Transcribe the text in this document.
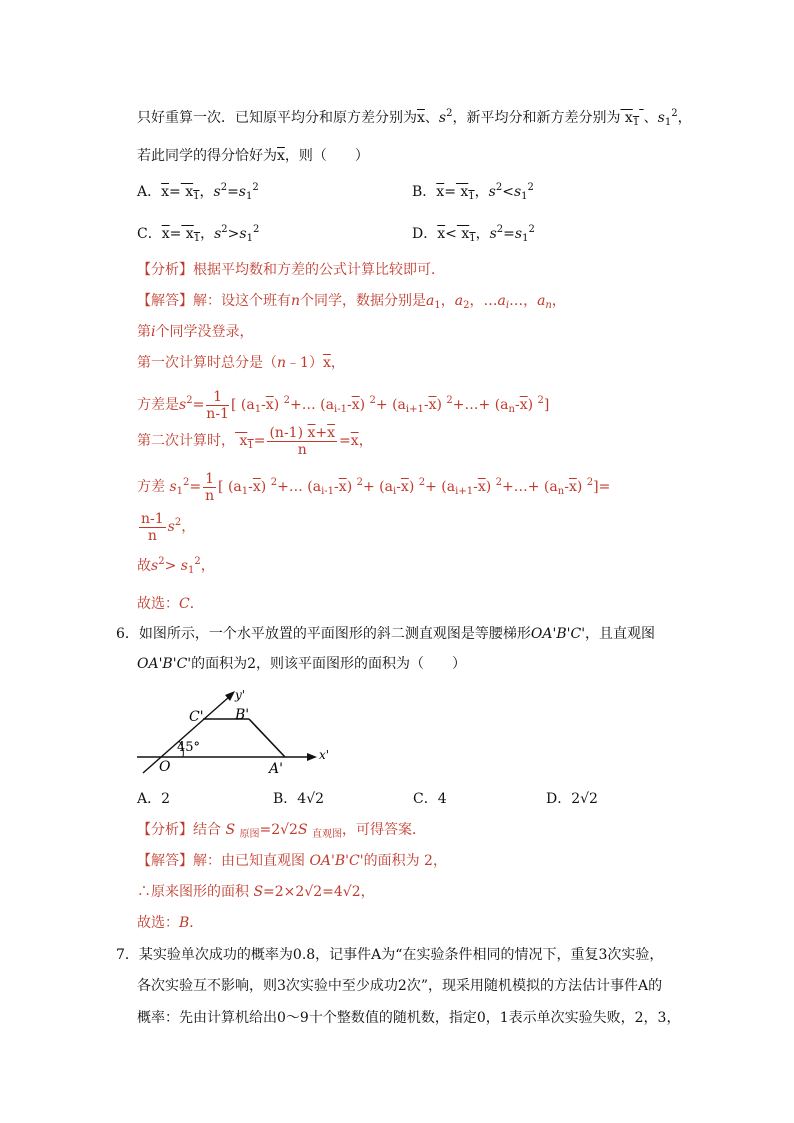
只好重算一次．已知原平均分和原方差分别为$\overline{x}$、$s^2$，新平均分和新方差分别为 $x_1$ 、$s_1^2$，
若此同学的得分恰好为$\overline{x}$，则（　　）
A．$\overline{x}= x_1$，$s^2=s_1^2$	B．$\overline{x}= x_1$，$s^2<s_1^2$
C．$\overline{x}= x_1$，$s^2>s_1^2$	D．$\overline{x}< x_1$，$s^2=s_1^2$
【分析】根据平均数和方差的公式计算比较即可．
【解答】解：设这个班有n个同学，数据分别是$a_1$，$a_2$，$\dots a_i\dots$，$a_n$，
第i个同学没登录，
第一次计算时总分是$(n﹣1)\overline{x}$，
方差是$s^2= \frac{1}{n-1}$ [ $(a_1-\overline{x})$ $^2$+… $(a_{i-1}-\overline{x})$ $^2+ (a_{i+1}-\overline{x})$ $^2$+…+ $(a_n-\overline{x})$ $^2$]
第二次计算时， $x_1= \frac{(n-1) \overline{x}+\overline{x}}{n} =\overline{x}$，
方差 $s_1^2= \frac{1}{n}$ [ $(a_1-\overline{x})$ $^2$+… $(a_{i-1}-\overline{x})$ $^2+ (a_i-\overline{x})$ $^2+ (a_{i+1}-\overline{x})$ $^2$+…+ $(a_n-\overline{x})$ $^2$]=
$\frac{n-1}{n} s^2$，
故$s^2> s_1^2$，
故选：C．
6．如图所示，一个水平放置的平面图形的斜二测直观图是等腰梯形OA'B'C'，且直观图
OA'B'C'的面积为2，则该平面图形的面积为（　　）
y'
x'
C' B'
O	A'
45°
A．2	B．4√2	C．4	D．2√2
【分析】结合 S $_{原图}$=2√2S $_{直观图}$，可得答案．
【解答】解：由已知直观图 OA'B'C'的面积为 2，
∴原来图形的面积 S=2×2√2=4√2，
故选：B．
7．某实验单次成功的概率为0.8，记事件A为“在实验条件相同的情况下，重复3次实验，
各次实验互不影响，则3次实验中至少成功2次”，现采用随机模拟的方法估计事件A的
概率：先由计算机给出0～9十个整数值的随机数，指定0，1表示单次实验失败，2，3，
